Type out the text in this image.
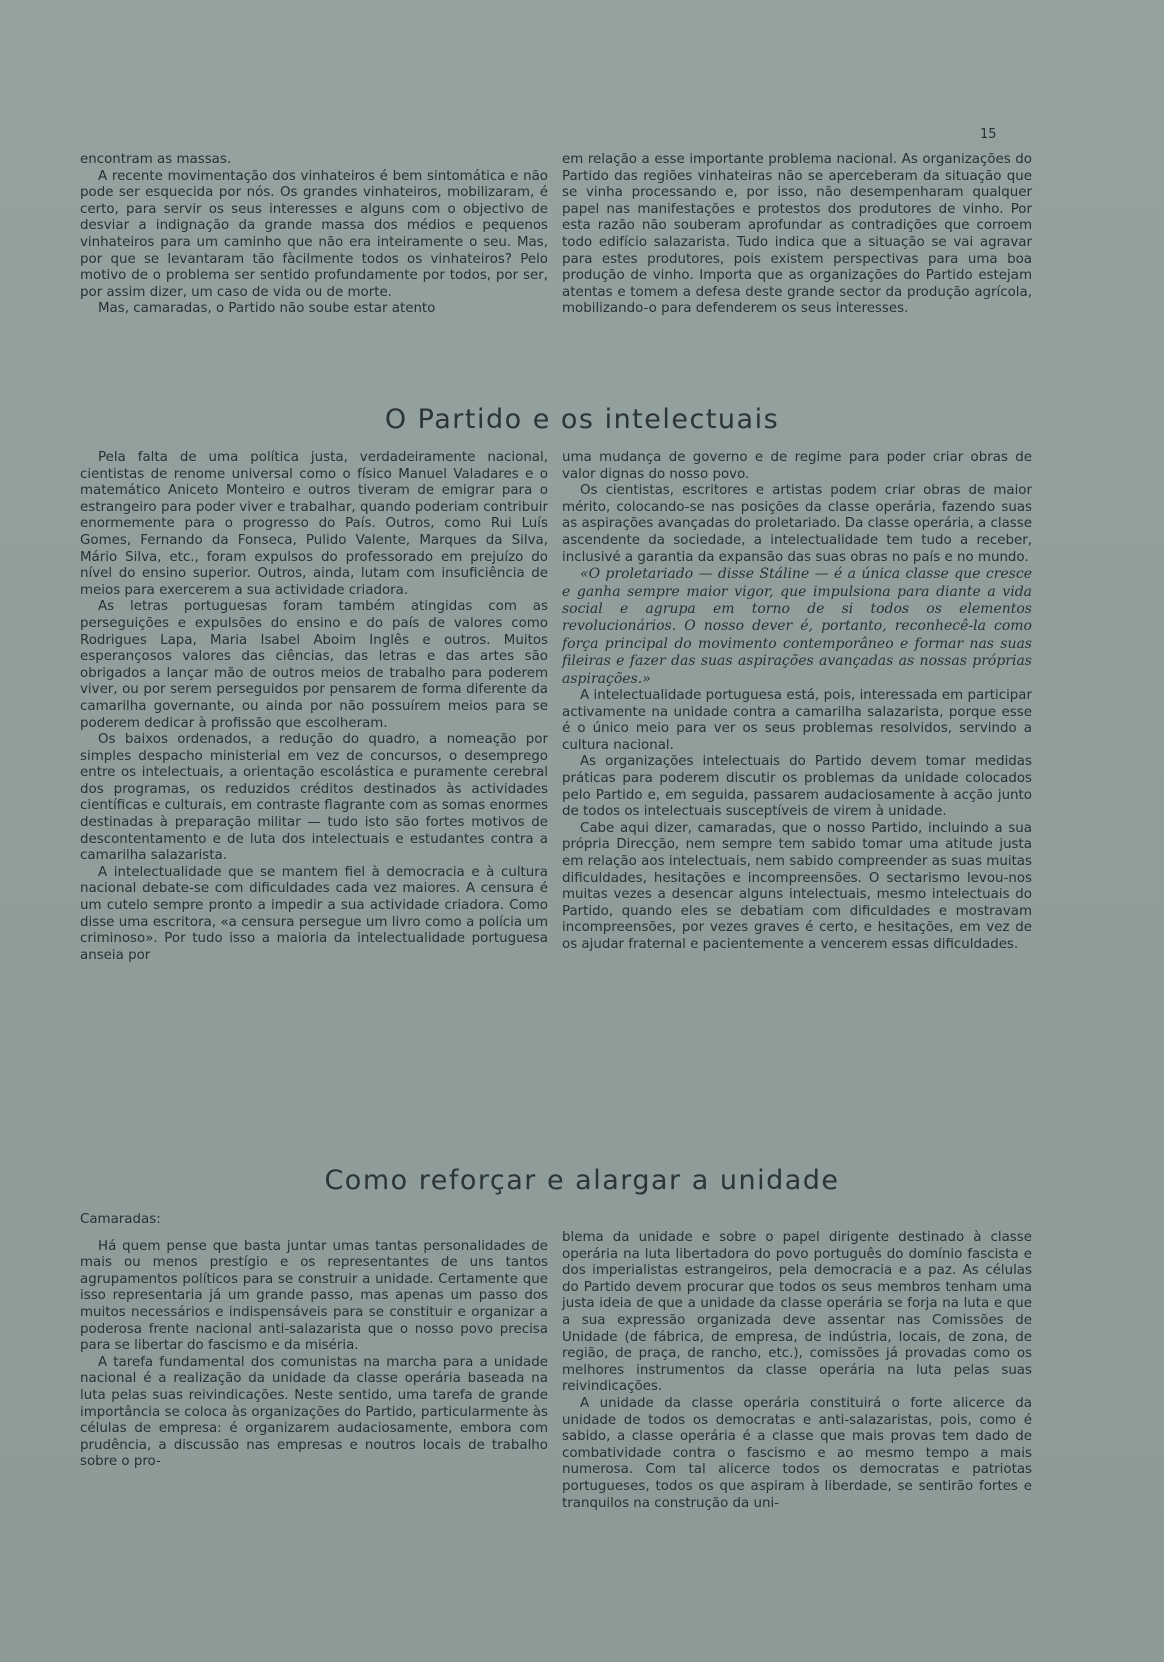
15

encontram as massas.

A recente movimentação dos vinhateiros é bem sintomática e não pode ser esquecida por nós. Os grandes vinhateiros, mobilizaram, é certo, para servir os seus interesses e alguns com o objectivo de desviar a indignação da grande massa dos médios e pequenos vinhateiros para um caminho que não era inteiramente o seu. Mas, por que se levantaram tão fàcilmente todos os vinhateiros? Pelo motivo de o problema ser sentido profundamente por todos, por ser, por assim dizer, um caso de vida ou de morte.

Mas, camaradas, o Partido não soube estar atento

em relação a esse importante problema nacional. As organizações do Partido das regiões vinhateiras não se aperceberam da situação que se vinha processando e, por isso, não desempenharam qualquer papel nas manifestações e protestos dos produtores de vinho. Por esta razão não souberam aprofundar as contradições que corroem todo edifício salazarista. Tudo indica que a situação se vai agravar para estes produtores, pois existem perspectivas para uma boa produção de vinho. Importa que as organizações do Partido estejam atentas e tomem a defesa deste grande sector da produção agrícola, mobilizando-o para defenderem os seus interesses.

O Partido e os intelectuais

Pela falta de uma política justa, verdadeiramente nacional, cientistas de renome universal como o físico Manuel Valadares e o matemático Aniceto Monteiro e outros tiveram de emigrar para o estrangeiro para poder viver e trabalhar, quando poderiam contribuir enormemente para o progresso do País. Outros, como Rui Luís Gomes, Fernando da Fonseca, Pulido Valente, Marques da Silva, Mário Silva, etc., foram expulsos do professorado em prejuízo do nível do ensino superior. Outros, ainda, lutam com insuficiência de meios para exercerem a sua actividade criadora.

As letras portuguesas foram também atingidas com as perseguições e expulsões do ensino e do país de valores como Rodrigues Lapa, Maria Isabel Aboim Inglês e outros. Muitos esperançosos valores das ciências, das letras e das artes são obrigados a lançar mão de outros meios de trabalho para poderem viver, ou por serem perseguidos por pensarem de forma diferente da camarilha governante, ou ainda por não possuírem meios para se poderem dedicar à profissão que escolheram.

Os baixos ordenados, a redução do quadro, a nomeação por simples despacho ministerial em vez de concursos, o desemprego entre os intelectuais, a orientação escolástica e puramente cerebral dos programas, os reduzidos créditos destinados às actividades científicas e culturais, em contraste flagrante com as somas enormes destinadas à preparação militar — tudo isto são fortes motivos de descontentamento e de luta dos intelectuais e estudantes contra a camarilha salazarista.

A intelectualidade que se mantem fiel à democracia e à cultura nacional debate-se com dificuldades cada vez maiores. A censura é um cutelo sempre pronto a impedir a sua actividade criadora. Como disse uma escritora, «a censura persegue um livro como a polícia um criminoso». Por tudo isso a maioria da intelectualidade portuguesa anseia por

uma mudança de governo e de regime para poder criar obras de valor dignas do nosso povo.

Os cientistas, escritores e artistas podem criar obras de maior mérito, colocando-se nas posições da classe operária, fazendo suas as aspirações avançadas do proletariado. Da classe operária, a classe ascendente da sociedade, a intelectualidade tem tudo a receber, inclusivé a garantia da expansão das suas obras no país e no mundo.

«O proletariado — disse Stáline — é a única classe que cresce e ganha sempre maior vigor, que impulsiona para diante a vida social e agrupa em torno de si todos os elementos revolucionários. O nosso dever é, portanto, reconhecê-la como força principal do movimento contemporâneo e formar nas suas fileiras e fazer das suas aspirações avançadas as nossas próprias aspirações.»

A intelectualidade portuguesa está, pois, interessada em participar activamente na unidade contra a camarilha salazarista, porque esse é o único meio para ver os seus problemas resolvidos, servindo a cultura nacional.

As organizações intelectuais do Partido devem tomar medidas práticas para poderem discutir os problemas da unidade colocados pelo Partido e, em seguida, passarem audaciosamente à acção junto de todos os intelectuais susceptíveis de virem à unidade.

Cabe aqui dizer, camaradas, que o nosso Partido, incluindo a sua própria Direcção, nem sempre tem sabido tomar uma atitude justa em relação aos intelectuais, nem sabido compreender as suas muitas dificuldades, hesitações e incompreensões. O sectarismo levou-nos muitas vezes a desencar alguns intelectuais, mesmo intelectuais do Partido, quando eles se debatiam com dificuldades e mostravam incompreensões, por vezes graves é certo, e hesitações, em vez de os ajudar fraternal e pacientemente a vencerem essas dificuldades.

Como reforçar e alargar a unidade

Camaradas:

Há quem pense que basta juntar umas tantas personalidades de mais ou menos prestígio e os representantes de uns tantos agrupamentos políticos para se construir a unidade. Certamente que isso representaria já um grande passo, mas apenas um passo dos muitos necessários e indispensáveis para se constituir e organizar a poderosa frente nacional anti-salazarista que o nosso povo precisa para se libertar do fascismo e da miséria.

A tarefa fundamental dos comunistas na marcha para a unidade nacional é a realização da unidade da classe operária baseada na luta pelas suas reivindicações. Neste sentido, uma tarefa de grande importância se coloca às organizações do Partido, particularmente às células de empresa: é organizarem audaciosamente, embora com prudência, a discussão nas empresas e noutros locais de trabalho sobre o pro-

blema da unidade e sobre o papel dirigente destinado à classe operária na luta libertadora do povo português do domínio fascista e dos imperialistas estrangeiros, pela democracia e a paz. As células do Partido devem procurar que todos os seus membros tenham uma justa ideia de que a unidade da classe operária se forja na luta e que a sua expressão organizada deve assentar nas Comissões de Unidade (de fábrica, de empresa, de indústria, locais, de zona, de região, de praça, de rancho, etc.), comissões já provadas como os melhores instrumentos da classe operária na luta pelas suas reivindicações.

A unidade da classe operária constituirá o forte alicerce da unidade de todos os democratas e anti-salazaristas, pois, como é sabido, a classe operária é a classe que mais provas tem dado de combatividade contra o fascismo e ao mesmo tempo a mais numerosa. Com tal alicerce todos os democratas e patriotas portugueses, todos os que aspiram à liberdade, se sentirão fortes e tranquilos na construção da uni-
